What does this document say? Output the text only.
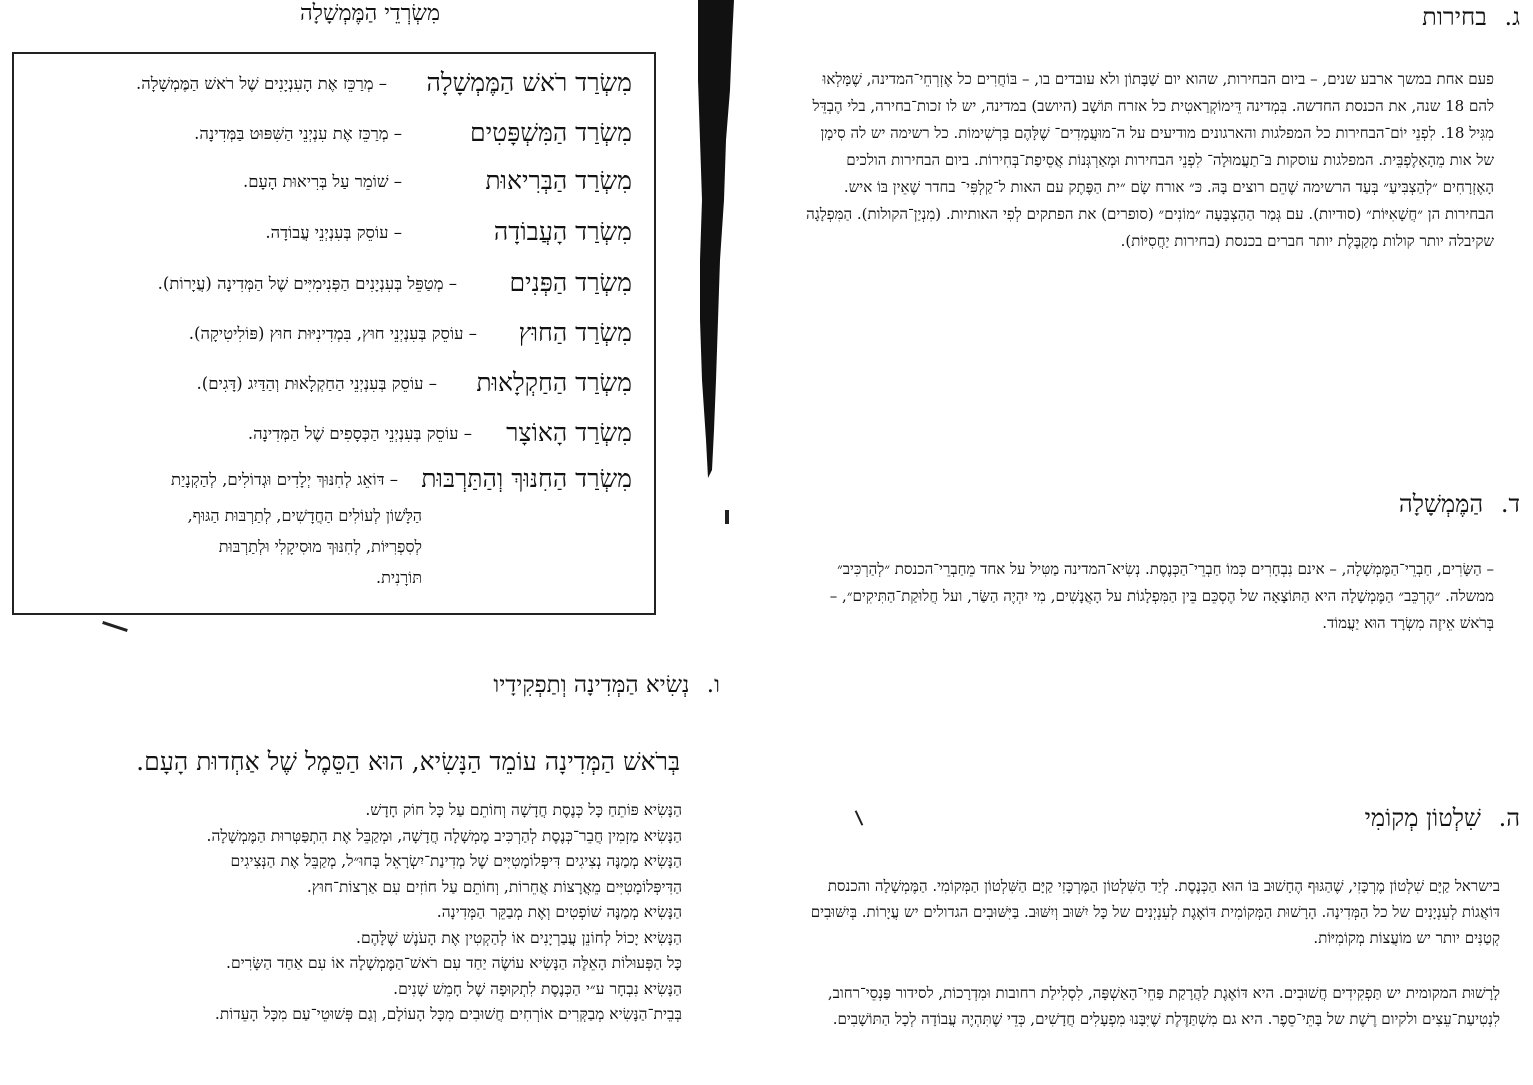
מִשְׂרְדֵי הַמֶּמְשָׁלָה
מִשְׂרַד רֹאשׁ הַמֶּמְשָׁלָה
– מְרַכֵּז אֶת הָעִנְיָנִים שֶׁל רֹאשׁ הַמֶּמְשָׁלָה.
מִשְׂרַד הַמִּשְׁפָּטִים
– מְרַכֵּז אֶת עִנְיְנֵי הַשִּׁפּוּט בַּמְּדִינָה.
מִשְׂרַד הַבְּרִיאוּת
– שׁוֹמֵר עַל בְּרִיאוּת הָעָם.
מִשְׂרַד הָעֲבוֹדָה
– עוֹסֵק בְּעִנְיְנֵי עֲבוֹדָה.
מִשְׂרַד הַפְּנִים
– מְטַפֵּל בְּעִנְיָנִים הַפְּנִימִיִּים שֶׁל הַמְּדִינָה (עֲיָרוֹת).
מִשְׂרַד הַחוּץ
– עוֹסֵק בְּעִנְיְנֵי חוּץ, בִּמְדִינִיּוּת חוּץ (פּוֹלִיטִיקָה).
מִשְׂרַד הַחַקְלָאוּת
– עוֹסֵק בְּעִנְיְנֵי הַחַקְלָאוּת וְהַדַּיִג (דָּגִים).
מִשְׂרַד הָאוֹצָר
– עוֹסֵק בְּעִנְיְנֵי הַכְּסָפִים שֶׁל הַמְּדִינָה.
מִשְׂרַד הַחִנּוּךְ וְהַתַּרְבּוּת
– דּוֹאֵג לְחִנּוּךְ יְלָדִים וּגְדוֹלִים, לְהַקְנָיַת
הַלָּשׁוֹן לְעוֹלִים הַחֲדָשִׁים, לְתַרְבּוּת הַגּוּף,
לְסִפְרִיּוֹת, לְחִנּוּךְ מוּסִיקָלִי וּלְתַרְבּוּת
תּוֹרָנִית.
ו. נְשִׂיא הַמְּדִינָה וְתַפְקִידָיו
בְּרֹאשׁ הַמְּדִינָה עוֹמֵד הַנָּשִׂיא, הוּא הַסֵּמֶל שֶׁל אַחְדוּת הָעָם.
הַנָּשִׂיא פּוֹתֵחַ כָּל כְּנֶסֶת חֲדָשָׁה וְחוֹתֵם עַל כָּל חוֹק חָדָשׁ.
הַנָּשִׂיא מַזְמִין חֲבֵר־כְּנֶסֶת לְהַרְכִּיב מֶמְשָׁלָה חֲדָשָׁה, וּמְקַבֵּל אֶת הִתְפַּטְּרוּת הַמֶּמְשָׁלָה.
הַנָּשִׂיא מְמַנֶּה נְצִיגִים דִּיפְּלוֹמָטִיִּים שֶׁל מְדִינַת־יִשְׂרָאֵל בְּחוּ״ל, מְקַבֵּל אֶת הַנְּצִיגִים
הַדִּיפְּלוֹמָטִיִּים מֵאֲרָצוֹת אֲחֵרוֹת, וְחוֹתֵם עַל חוֹזִים עִם אַרְצוֹת־חוּץ.
הַנָּשִׂיא מְמַנֶּה שׁוֹפְטִים וְאֶת מְבַקֵּר הַמְּדִינָה.
הַנָּשִׂיא יָכוֹל לְחוֹנֵן עֲבַרְיָנִים אוֹ לְהַקְטִין אֶת הָעֹנֶשׁ שֶׁלָּהֶם.
כָּל הַפְּעוּלוֹת הָאֵלֶּה הַנָּשִׂיא עוֹשֶׂה יַחַד עִם רֹאשׁ־הַמֶּמְשָׁלָה אוֹ עִם אַחַד הַשָּׂרִים.
הַנָּשִׂיא נִבְחָר ע״י הַכְּנֶסֶת לִתְקוּפָה שֶׁל חָמֵשׁ שָׁנִים.
בְּבֵית־הַנָּשִׂיא מְבַקְּרִים אוֹרְחִים חֲשׁוּבִים מִכָּל הָעוֹלָם, וְגַם פְּשׁוּטֵי־עַם מִכָּל הָעֵדוֹת.
ג. בחירות

פעם אחת במשך ארבע שנים, – ביום הבחירות, שהוא יום שַׁבָּתוֹן ולא עובדים בו, – בּוֹחֲרִים כל אֶזְרְחֵי־המדינה, שֶׁמָּלְאוּ להם 18 שנה, את הכנסת החדשה. בִּמְדינה דֵּימוֹקְרַאטִית כל אזרח תּוֹשָׁב (היושב) במדינה, יש לו זכות־בחירה, בלי הֶבְדֵּל מִגִּיל 18. לִפְנֵי יוֹם־הבחירות כל המפלגות והארגונים מודיעים על ה־מוּעֲמָדִים־ שֶׁלָּהֶם בַּרְשִׁימוֹת. כל רשימה יש לה סִימָן של אות מֵהָאָלֶפְבֵּית. המפלגות עוסקות בּ־תַעֲמוּלָה־ לִפְנֵי הבחירות וּמְאַרְגְּנוֹת אֲסֵיפַת־בְּחִירוֹת. ביום הבחירות הולכים הָאֶזְרָחִים ״לְהַצְבִּיעַ״ בְּעַד הרשימה שֶׁהֵם רוצים בָּהּ. כּ״ אורח שָׂם ״ית הַפֶּתֶק עם האות ל־קַלְפִּי־ בחדר שֶׁאֵין בּוֹ איש. הבחירות הן ״חֲשָׁאִיּוֹת״ (סודיות). עם גְּמַר הַהַצְבָּעָה ״מוֹנִים״ (סופרים) את הפתקים לְפִי האותיות. (מִנְיַן־הקולות). הַמִּפְלָגָה שקיבלה יותר קולות מְקַבֶּלֶת יותר חברים בכנסת (בחירות יַחֲסִיּוֹת).

ד. הַמֶּמְשָׁלָה

– הַשָּׂרִים, חַבְרֵי־הַמֶּמְשָׁלָה, – אינם נִבְחָרִים כְּמוֹ חַבְרֵי־הַכְּנֶסֶת. נְשִׂיא־המדינה מַטִּיל על אחד מֵחַבְרֵי־הכנסת ״לְהַרְכִּיב״ ממשלה. ״הֶרְכֵּב״ הַמֶּמְשָׁלָה היא הַתּוֹצָאָה של הֶסְכֵּם בֵּין הַמִּפְלָגוֹת על הָאֲנָשִׁים, מִי יִהְיֶה הַשַּׂר, ועל חֲלוּקַת־הַתִּיקִים״, – בְּרֹאשׁ אֵיזֶה מִשְׂרָד הוּא יַעֲמוֹד.

ה. שִׁלְטוֹן מְקוֹמִי

בישראל קַיָּם שִׁלְטוֹן מֶרְכָּזִי, שֶׁהַגּוּף הֶחָשׁוּב בּוֹ הוּא הַכְּנֶסֶת. לְיַד הַשִּׁלְטוֹן הַמֶּרְכָּזִי קַיָּם הַשִּׁלְטוֹן הַמְּקוֹמִי. הַמֶּמְשָׁלָה והכנסת דּוֹאֲגוֹת לְעִנְיָנִים של כל הַמְּדִינָה. הָרָשׁוּת הַמְּקוֹמִית דּוֹאֶגֶת לְעִנְיְנִים של כָּל יִשּׁוּב וְיִשּׁוּב. בַּיִּשּׁוּבִים הגדולים יש עֲיָרוֹת. בְּיִשּׁוּבִים קְטַנִּים יותר יש מוֹעֲצוֹת מְקוֹמִיּוֹת.

לָרָשׁוּת המקומית יש תַּפְקִידִים חֲשׁוּבִים. היא דּוֹאֶגֶת לַהֲרָקַת פַּחֵי־הָאַשְׁפָּה, לִסְלִילַת רחובות וּמִדְרָכוֹת, לסידור פַּנְסֵי־רחוב, לִנְטִיעַת־עֵצִים ולקיום רֶשֶׁת של בָּתֵּי־סֵפֶר. היא גם מִשְׁתַּדֶּלֶת שֶׁיִּבָּנוּ מִפְעָלִים חֲדָשִׁים, כְּדֵי שֶׁתִּהְיֶה עֲבוֹדָה לְכָל הַתּוֹשָׁבִים.
